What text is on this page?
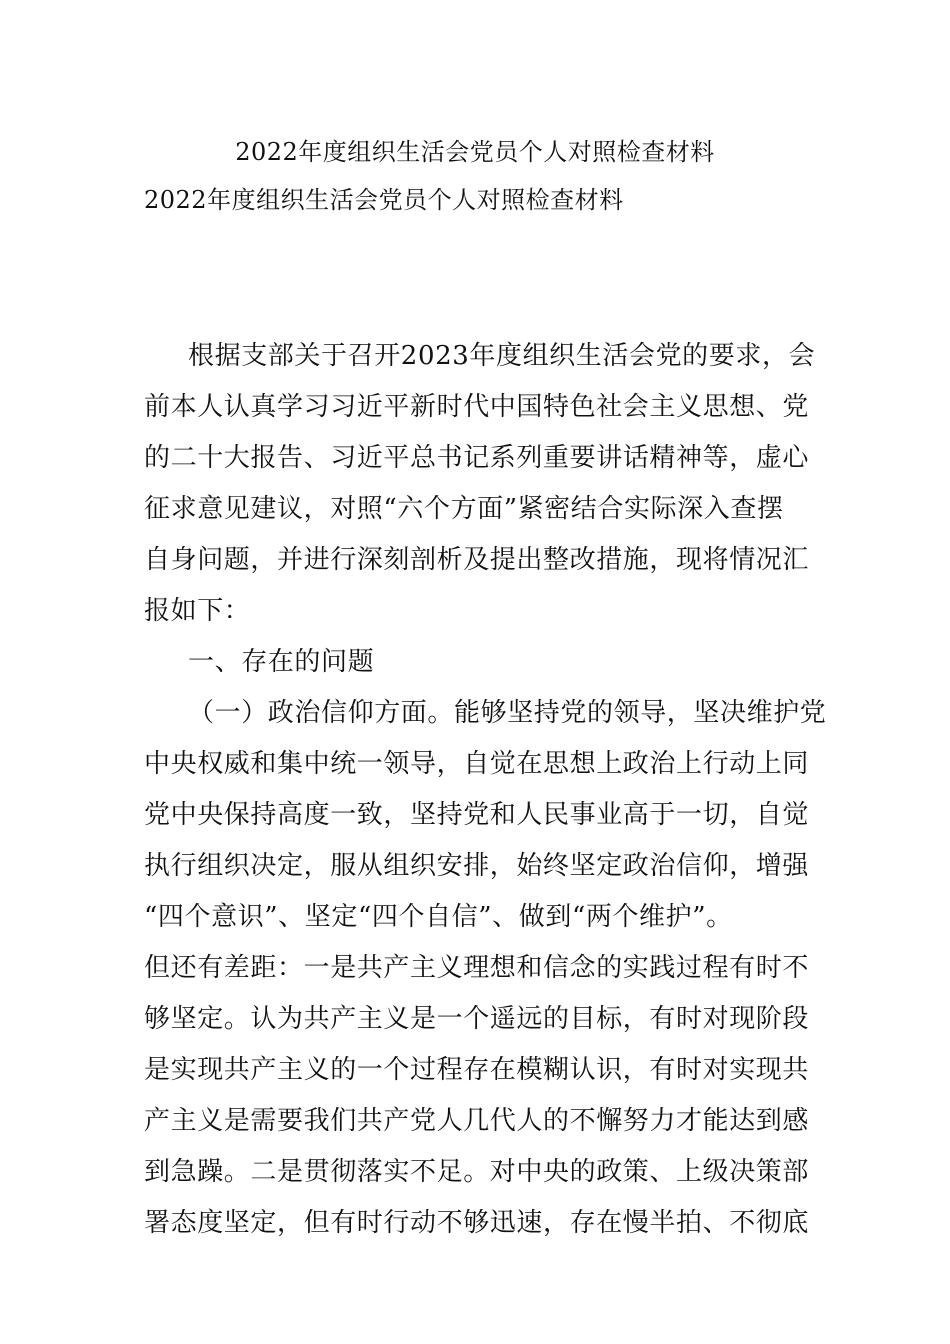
2022年度组织生活会党员个人对照检查材料
2022年度组织生活会党员个人对照检查材料
根据支部关于召开2023年度组织生活会党的要求，会
前本人认真学习习近平新时代中国特色社会主义思想、党
的二十大报告、习近平总书记系列重要讲话精神等，虚心
征求意见建议，对照“六个方面”紧密结合实际深入查摆
自身问题，并进行深刻剖析及提出整改措施，现将情况汇
报如下：
一、存在的问题
（一）政治信仰方面。能够坚持党的领导，坚决维护党
中央权威和集中统一领导，自觉在思想上政治上行动上同
党中央保持高度一致，坚持党和人民事业高于一切，自觉
执行组织决定，服从组织安排，始终坚定政治信仰，增强
“四个意识”、坚定“四个自信”、做到“两个维护”。
但还有差距：一是共产主义理想和信念的实践过程有时不
够坚定。认为共产主义是一个遥远的目标，有时对现阶段
是实现共产主义的一个过程存在模糊认识，有时对实现共
产主义是需要我们共产党人几代人的不懈努力才能达到感
到急躁。二是贯彻落实不足。对中央的政策、上级决策部
署态度坚定，但有时行动不够迅速，存在慢半拍、不彻底
